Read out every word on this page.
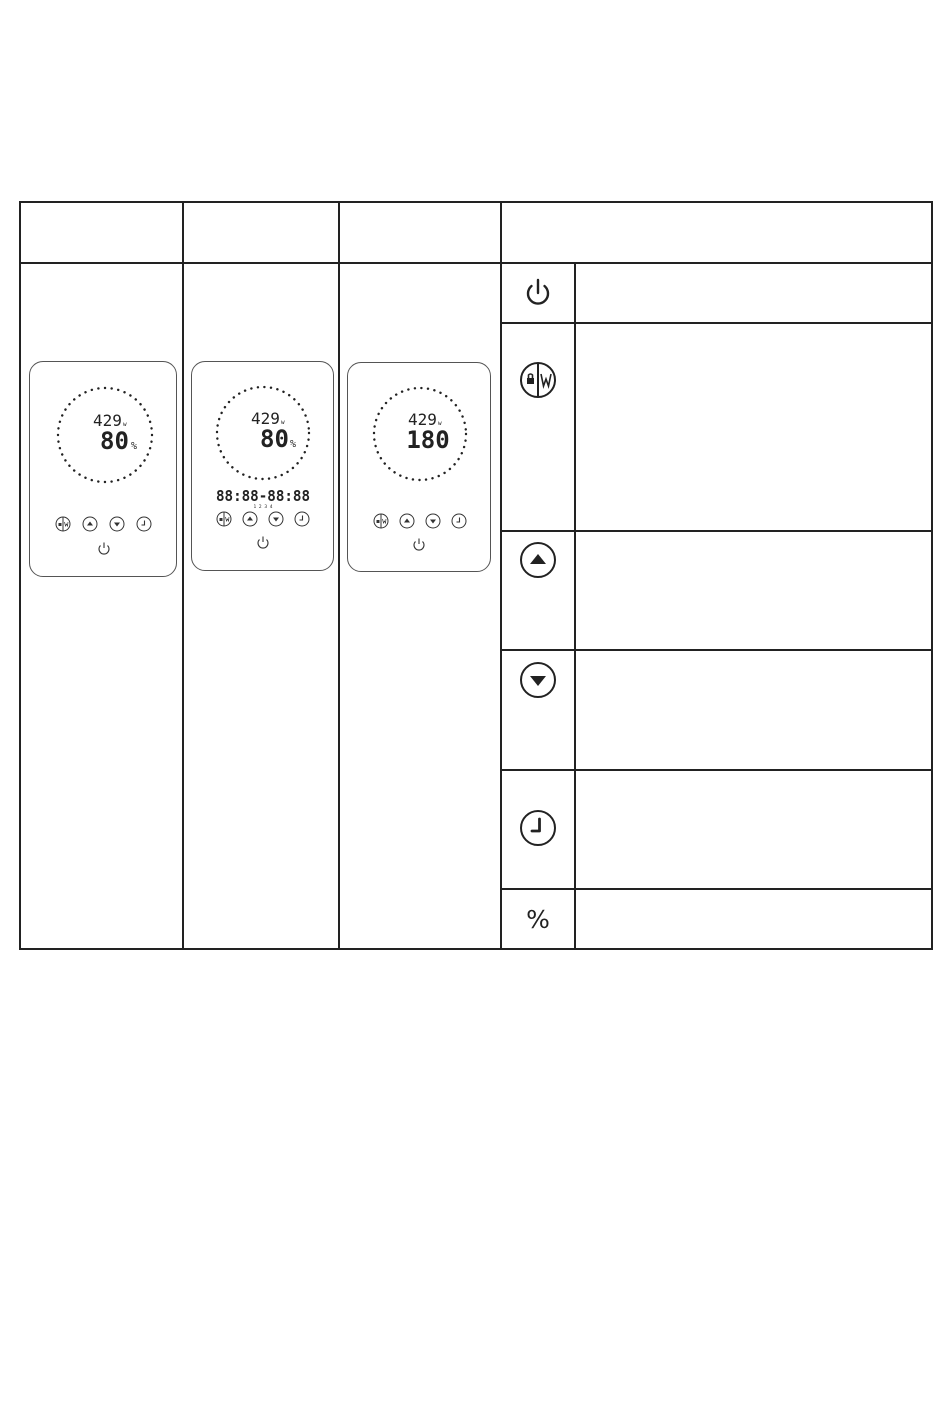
429 w
80 %
429 w
80 %
88:88-88:88
1 2 3 4
429 w
180
%
